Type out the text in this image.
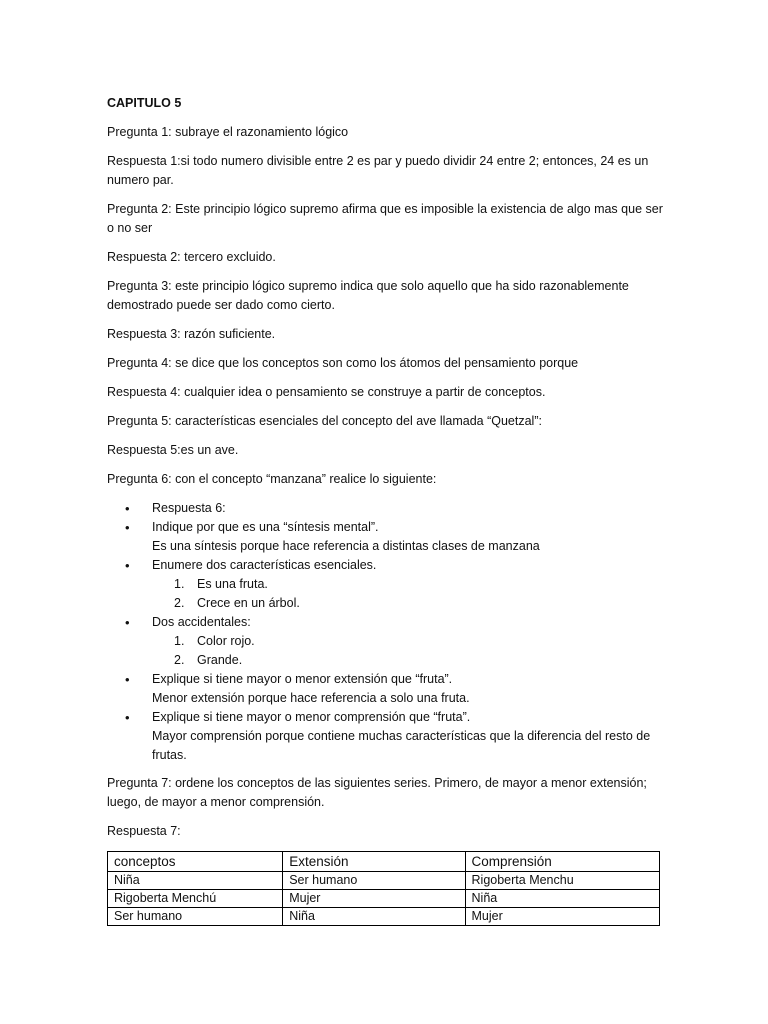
CAPITULO 5

Pregunta 1: subraye el razonamiento lógico

Respuesta 1:si todo numero divisible entre 2 es par y puedo dividir 24 entre 2; entonces, 24 es un numero par.

Pregunta 2: Este principio lógico supremo afirma que es imposible la existencia de algo mas que ser o no ser

Respuesta 2: tercero excluido.

Pregunta 3: este principio lógico supremo indica que solo aquello que ha sido razonablemente demostrado puede ser dado como cierto.

Respuesta 3: razón suficiente.

Pregunta 4: se dice que los conceptos son como los átomos del pensamiento porque

Respuesta 4: cualquier idea o pensamiento se construye a partir de conceptos.

Pregunta 5: características esenciales del concepto del ave llamada “Quetzal”:

Respuesta 5:es un ave.

Pregunta 6: con el concepto “manzana” realice lo siguiente:

• Respuesta 6:
• Indique por que es una “síntesis mental”.
Es una síntesis porque hace referencia a distintas clases de manzana
• Enumere dos características esenciales.
1. Es una fruta.
2. Crece en un árbol.
• Dos accidentales:
1. Color rojo.
2. Grande.
• Explique si tiene mayor o menor extensión que “fruta”.
Menor extensión porque hace referencia a solo una fruta.
• Explique si tiene mayor o menor comprensión que “fruta”.
Mayor comprensión porque contiene muchas características que la diferencia del resto de frutas.

Pregunta 7: ordene los conceptos de las siguientes series. Primero, de mayor a menor extensión; luego, de mayor a menor comprensión.

Respuesta 7:

conceptos	Extensión	Comprensión
Niña	Ser humano	Rigoberta Menchu
Rigoberta Menchú	Mujer	Niña
Ser humano	Niña	Mujer
